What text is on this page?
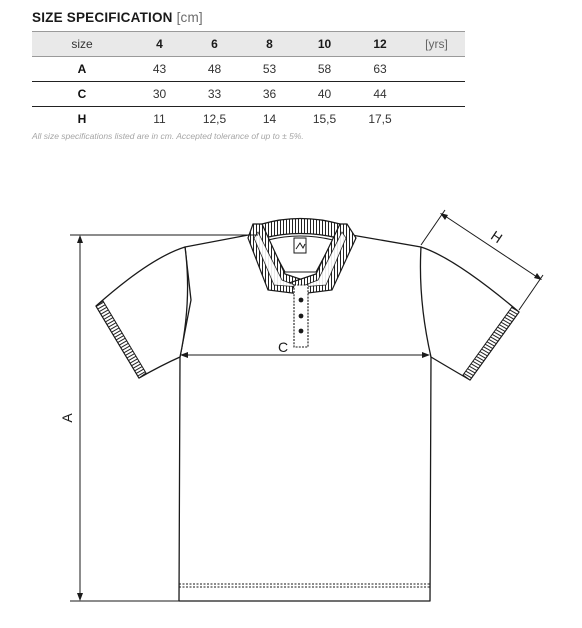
SIZE SPECIFICATION [cm]
size	4	6	8	10	12	[yrs]
A	43	48	53	58	63	
C	30	33	36	40	44	
H	11	12,5	14	15,5	17,5	
All size specifications listed are in cm. Accepted tolerance of up to ± 5%.
A
C
H
